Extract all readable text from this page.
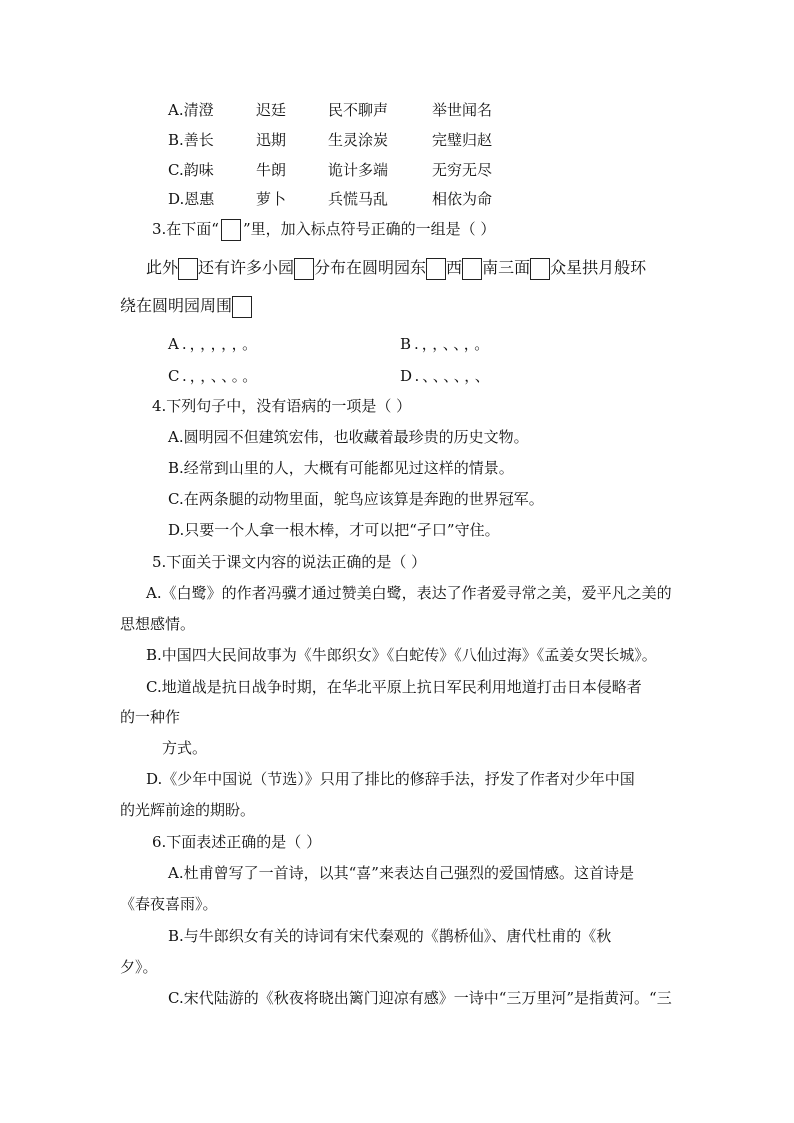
A.清澄	迟廷	民不聊声	举世闻名
B.善长	迅期	生灵涂炭	完璧归赵
C.韵味	牛朗	诡计多端	无穷无尽
D.恩惠	萝卜	兵慌马乱	相依为命
3.在下面“ ”里，加入标点符号正确的一组是（ ）
此外 还有许多小园 分布在圆明园东 西 南三面 众星拱月般环
绕在圆明园周围
A.，，，，，。	B.，，、、，。
C.，，、、。。	D.、、、、，、
4.下列句子中，没有语病的一项是（ ）
A.圆明园不但建筑宏伟，也收藏着最珍贵的历史文物。
B.经常到山里的人，大概有可能都见过这样的情景。
C.在两条腿的动物里面，鸵鸟应该算是奔跑的世界冠军。
D.只要一个人拿一根木棒，才可以把“孑口”守住。
5.下面关于课文内容的说法正确的是（ ）
A.《白鹭》的作者冯骥才通过赞美白鹭，表达了作者爱寻常之美，爱平凡之美的
思想感情。
B.中国四大民间故事为《牛郎织女》《白蛇传》《八仙过海》《孟姜女哭长城》。
C.地道战是抗日战争时期，在华北平原上抗日军民利用地道打击日本侵略者
的一种作
方式。
D.《少年中国说（节选）》只用了排比的修辞手法，抒发了作者对少年中国
的光辉前途的期盼。
6.下面表述正确的是（ ）
A.杜甫曾写了一首诗，以其“喜”来表达自己强烈的爱国情感。这首诗是
《春夜喜雨》。
B.与牛郎织女有关的诗词有宋代秦观的《鹊桥仙》、唐代杜甫的《秋
夕》。
C.宋代陆游的《秋夜将晓出篱门迎凉有感》一诗中“三万里河”是指黄河。“三
